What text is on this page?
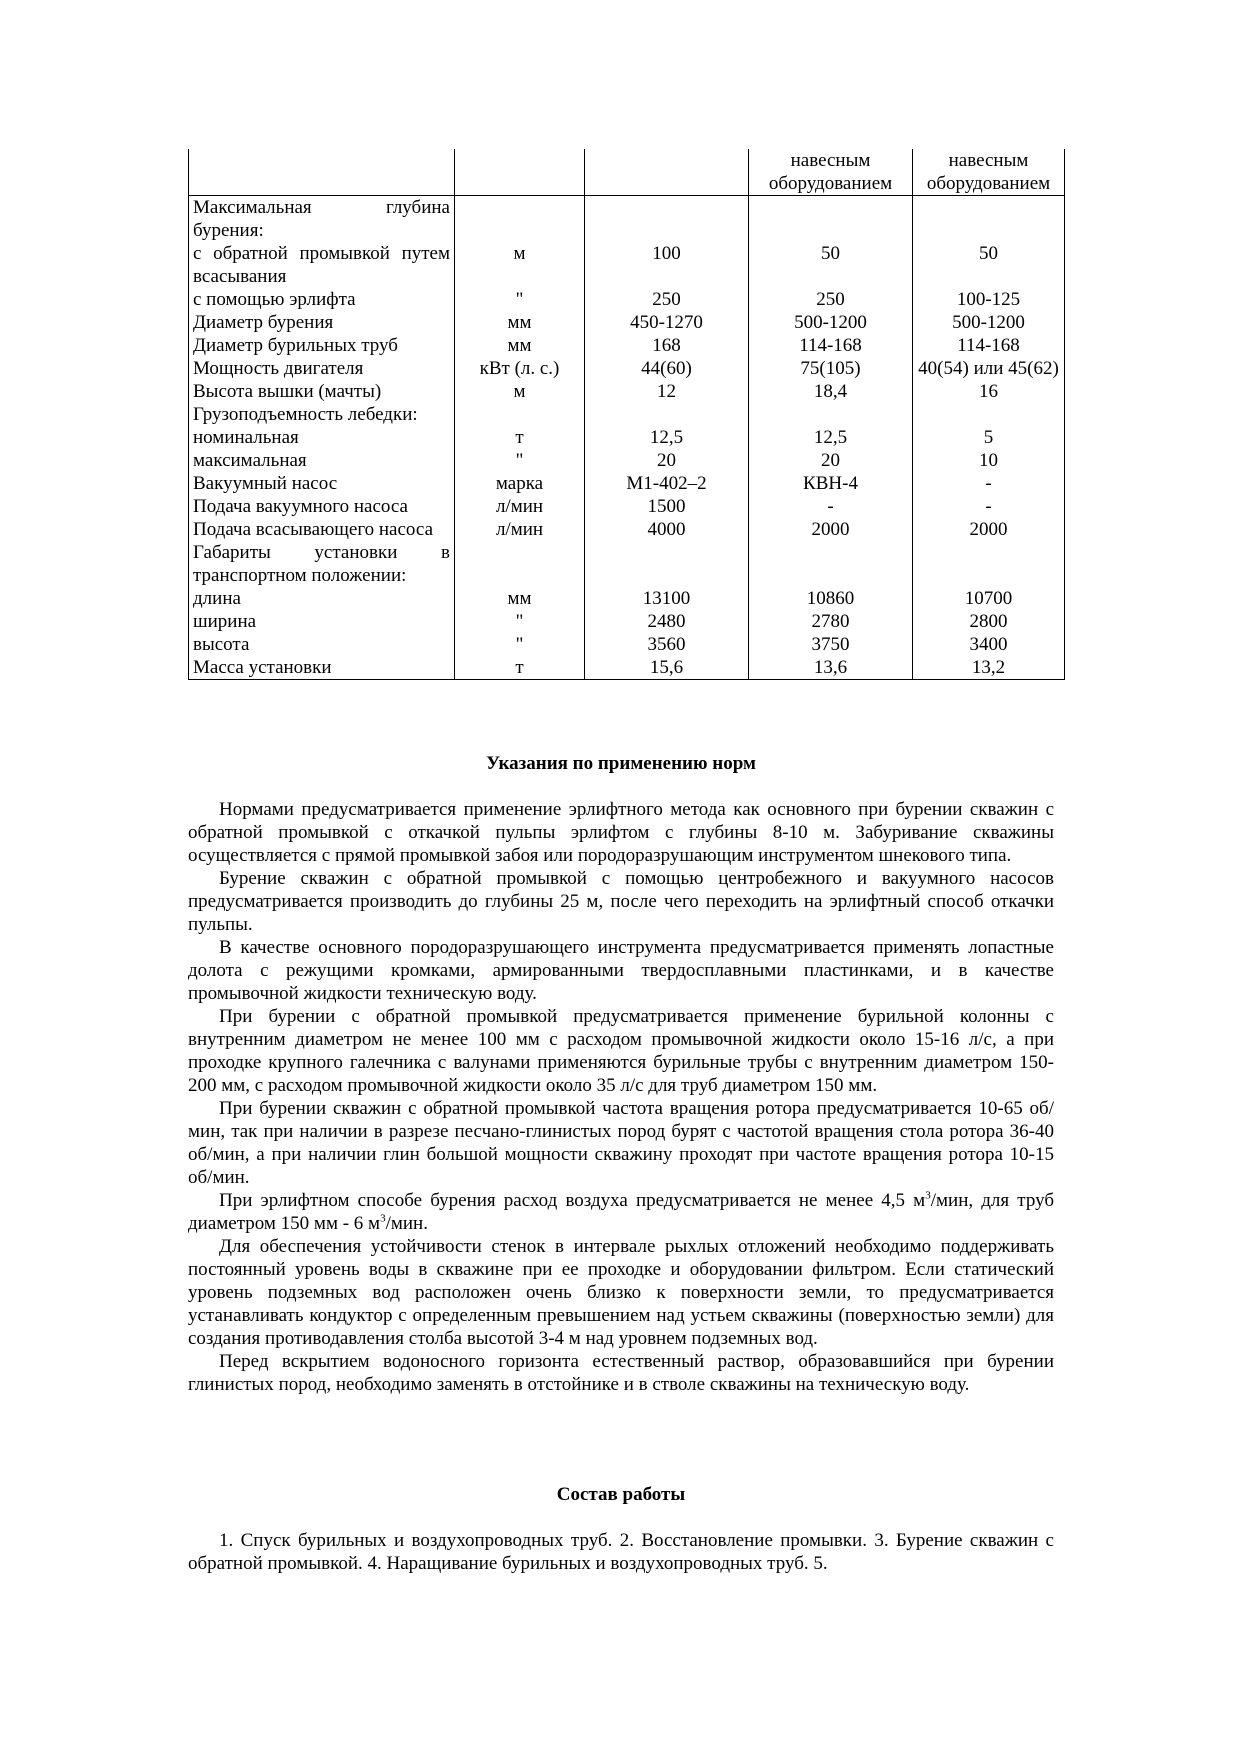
			навесным оборудованием	навесным оборудованием
Максимальная глубина бурения:				
с обратной промывкой путем всасывания	м	100	50	50
с помощью эрлифта	"	250	250	100-125
Диаметр бурения	мм	450-1270	500-1200	500-1200
Диаметр бурильных труб	мм	168	114-168	114-168
Мощность двигателя	кВт (л. с.)	44(60)	75(105)	40(54) или 45(62)
Высота вышки (мачты)	м	12	18,4	16
Грузоподъемность лебедки:				
номинальная	т	12,5	12,5	5
максимальная	"	20	20	10
Вакуумный насос	марка	М1-402–2	КВН-4	-
Подача вакуумного насоса	л/мин	1500	-	-
Подача всасывающего насоса	л/мин	4000	2000	2000
Габариты установки в транспортном положении:				
длина	мм	13100	10860	10700
ширина	"	2480	2780	2800
высота	"	3560	3750	3400
Масса установки	т	15,6	13,6	13,2
Указания по применению норм

Нормами предусматривается применение эрлифтного метода как основного при бурении скважин с обратной промывкой с откачкой пульпы эрлифтом с глубины 8-10 м. Забуривание скважины осуществляется с прямой промывкой забоя или породоразрушающим инструментом шнекового типа.

Бурение скважин с обратной промывкой с помощью центробежного и вакуумного насосов предусматривается производить до глубины 25 м, после чего переходить на эрлифтный способ откачки пульпы.

В качестве основного породоразрушающего инструмента предусматривается применять лопастные долота с режущими кромками, армированными твердосплавными пластинками, и в качестве промывочной жидкости техническую воду.

При бурении с обратной промывкой предусматривается применение бурильной колонны с внутренним диаметром не менее 100 мм с расходом промывочной жидкости около 15-16 л/с, а при проходке крупного галечника с валунами применяются бурильные трубы с внутренним диаметром 150-200 мм, с расходом промывочной жидкости около 35 л/с для труб диаметром 150 мм.

При бурении скважин с обратной промывкой частота вращения ротора предусматривается 10-65 об/мин, так при наличии в разрезе песчано-глинистых пород бурят с частотой вращения стола ротора 36-40 об/мин, а при наличии глин большой мощности скважину проходят при частоте вращения ротора 10-15 об/мин.

При эрлифтном способе бурения расход воздуха предусматривается не менее 4,5 $м^3$/мин, для труб диаметром 150 мм - 6 $м^3$/мин.

Для обеспечения устойчивости стенок в интервале рыхлых отложений необходимо поддерживать постоянный уровень воды в скважине при ее проходке и оборудовании фильтром. Если статический уровень подземных вод расположен очень близко к поверхности земли, то предусматривается устанавливать кондуктор с определенным превышением над устьем скважины (поверхностью земли) для создания противодавления столба высотой 3-4 м над уровнем подземных вод.

Перед вскрытием водоносного горизонта естественный раствор, образовавшийся при бурении глинистых пород, необходимо заменять в отстойнике и в стволе скважины на техническую воду.

Состав работы

1. Спуск бурильных и воздухопроводных труб. 2. Восстановление промывки. 3. Бурение скважин с обратной промывкой. 4. Наращивание бурильных и воздухопроводных труб. 5.
